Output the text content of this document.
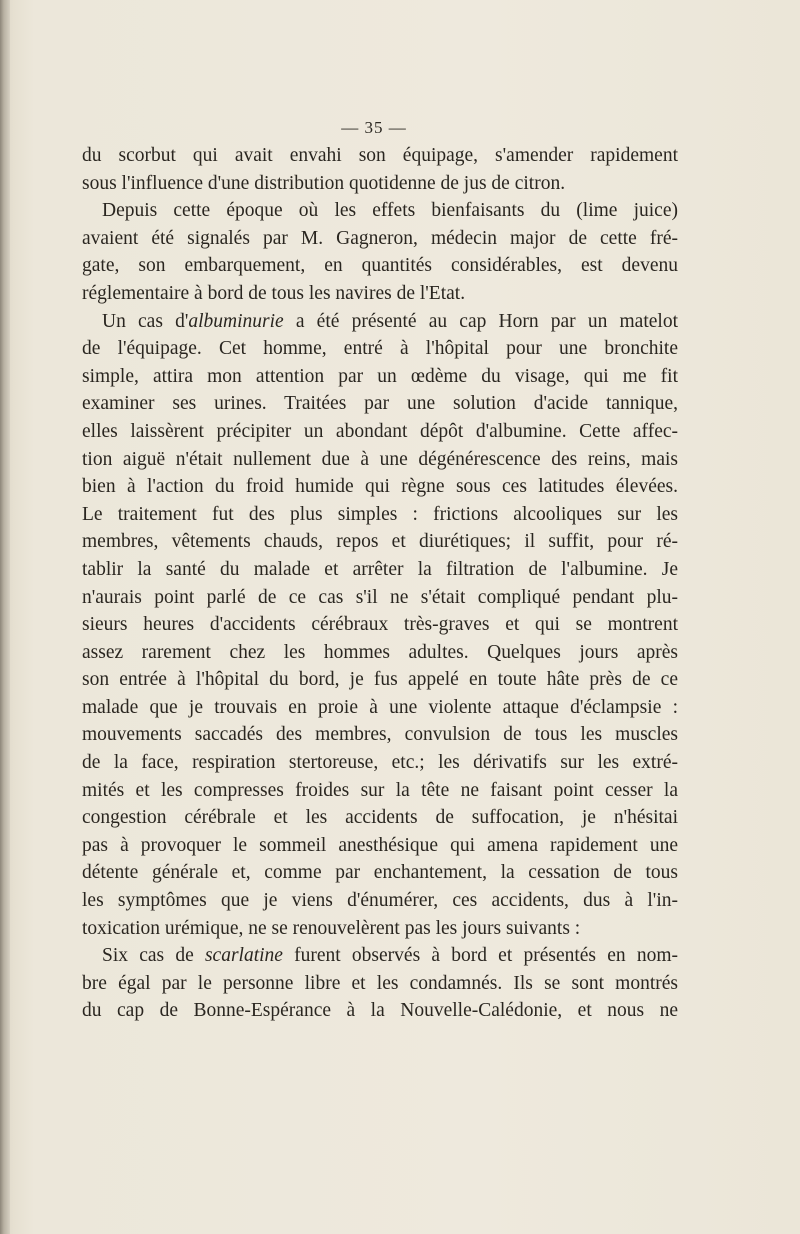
— 35 —
du scorbut qui avait envahi son équipage, s'amender rapidement
sous l'influence d'une distribution quotidenne de jus de citron.
Depuis cette époque où les effets bienfaisants du (lime juice)
avaient été signalés par M. Gagneron, médecin major de cette fré-
gate, son embarquement, en quantités considérables, est devenu
réglementaire à bord de tous les navires de l'Etat.
Un cas d'albuminurie a été présenté au cap Horn par un matelot
de l'équipage. Cet homme, entré à l'hôpital pour une bronchite
simple, attira mon attention par un œdème du visage, qui me fit
examiner ses urines. Traitées par une solution d'acide tannique,
elles laissèrent précipiter un abondant dépôt d'albumine. Cette affec-
tion aiguë n'était nullement due à une dégénérescence des reins, mais
bien à l'action du froid humide qui règne sous ces latitudes élevées.
Le traitement fut des plus simples : frictions alcooliques sur les
membres, vêtements chauds, repos et diurétiques; il suffit, pour ré-
tablir la santé du malade et arrêter la filtration de l'albumine. Je
n'aurais point parlé de ce cas s'il ne s'était compliqué pendant plu-
sieurs heures d'accidents cérébraux très-graves et qui se montrent
assez rarement chez les hommes adultes. Quelques jours après
son entrée à l'hôpital du bord, je fus appelé en toute hâte près de ce
malade que je trouvais en proie à une violente attaque d'éclampsie :
mouvements saccadés des membres, convulsion de tous les muscles
de la face, respiration stertoreuse, etc.; les dérivatifs sur les extré-
mités et les compresses froides sur la tête ne faisant point cesser la
congestion cérébrale et les accidents de suffocation, je n'hésitai
pas à provoquer le sommeil anesthésique qui amena rapidement une
détente générale et, comme par enchantement, la cessation de tous
les symptômes que je viens d'énumérer, ces accidents, dus à l'in-
toxication urémique, ne se renouvelèrent pas les jours suivants :
Six cas de scarlatine furent observés à bord et présentés en nom-
bre égal par le personne libre et les condamnés. Ils se sont montrés
du cap de Bonne-Espérance à la Nouvelle-Calédonie, et nous ne
